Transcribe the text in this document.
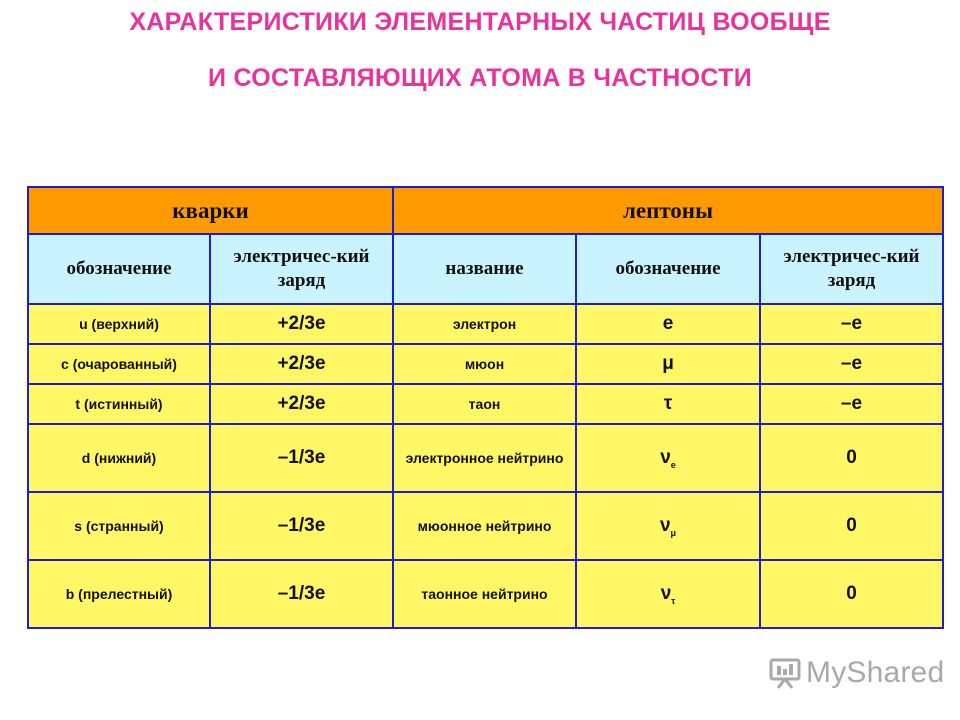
ХАРАКТЕРИСТИКИ ЭЛЕМЕНТАРНЫХ ЧАСТИЦ ВООБЩЕ
И СОСТАВЛЯЮЩИХ АТОМА В ЧАСТНОСТИ
кварки		лептоны		
обозначение	электричес-кий заряд	название	обозначение	электричес-кий заряд
u (верхний)	+2/3e	электрон	e	–e
c (очарованный)	+2/3e	мюон	μ	–e
t (истинный)	+2/3e	таон	τ	–e
d (нижний)	–1/3e	электронное нейтрино	$\nu_e$	0
s (странный)	–1/3e	мюонное нейтрино	$\nu_\mu$	0
b (прелестный)	–1/3e	таонное нейтрино	$\nu_\tau$	0
MyShared
